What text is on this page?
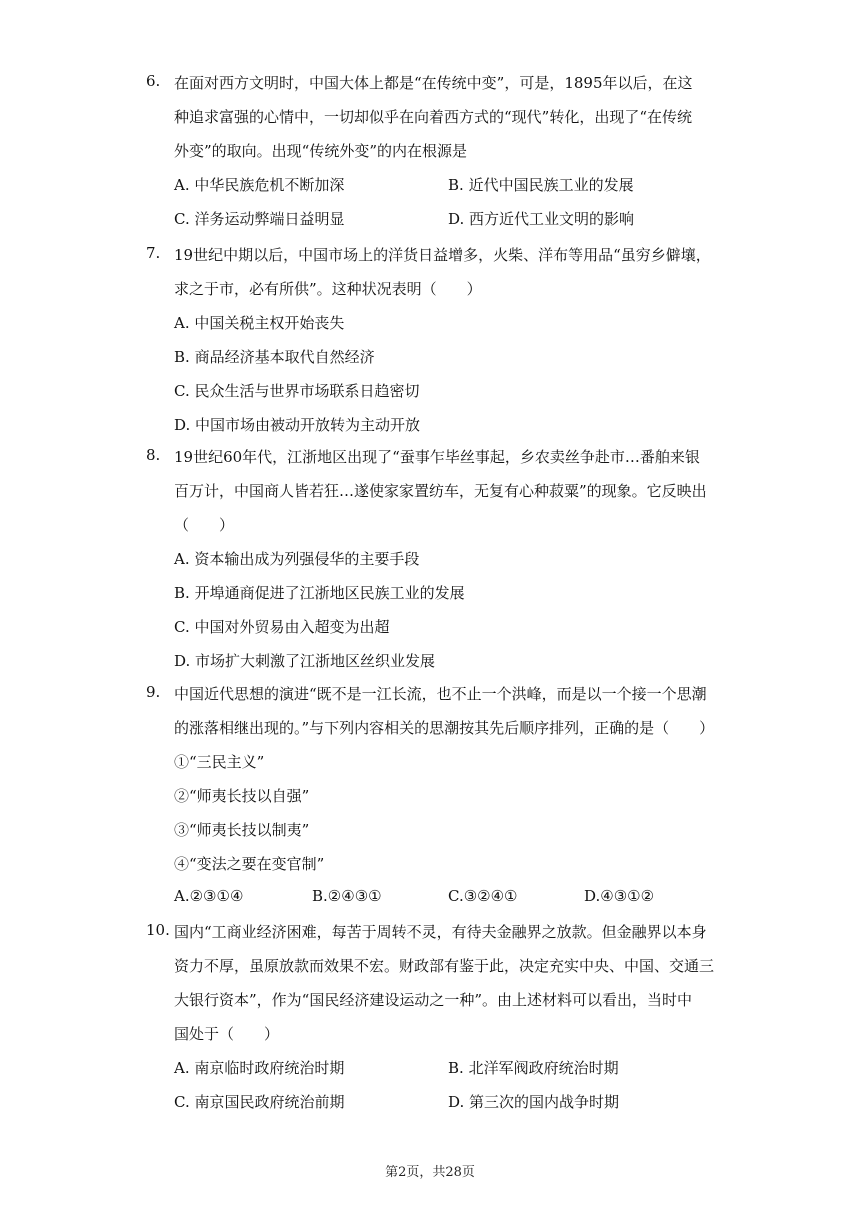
6. 在面对西方文明时，中国大体上都是“在传统中变”，可是，1895年以后，在这
种追求富强的心情中，一切却似乎在向着西方式的“现代”转化，出现了“在传统
外变”的取向。出现“传统外变”的内在根源是
A. 中华民族危机不断加深	B. 近代中国民族工业的发展
C. 洋务运动弊端日益明显	D. 西方近代工业文明的影响
7. 19世纪中期以后，中国市场上的洋货日益增多，火柴、洋布等用品“虽穷乡僻壤，
求之于市，必有所供”。这种状况表明（　　）
A. 中国关税主权开始丧失
B. 商品经济基本取代自然经济
C. 民众生活与世界市场联系日趋密切
D. 中国市场由被动开放转为主动开放
8. 19世纪60年代，江浙地区出现了“蚕事乍毕丝事起，乡农卖丝争赴市…番舶来银
百万计，中国商人皆若狂…遂使家家置纺车，无复有心种菽粟”的现象。它反映出
（　　）
A. 资本输出成为列强侵华的主要手段
B. 开埠通商促进了江浙地区民族工业的发展
C. 中国对外贸易由入超变为出超
D. 市场扩大刺激了江浙地区丝织业发展
9. 中国近代思想的演进“既不是一江长流，也不止一个洪峰，而是以一个接一个思潮
的涨落相继出现的。”与下列内容相关的思潮按其先后顺序排列，正确的是（　　）
①“三民主义”
②“师夷长技以自强”
③“师夷长技以制夷”
④“变法之要在变官制”
A.②③①④	B.②④③①	C.③②④①	D.④③①②
10. 国内“工商业经济困难，每苦于周转不灵，有待夫金融界之放款。但金融界以本身
资力不厚，虽原放款而效果不宏。财政部有鉴于此，决定充实中央、中国、交通三
大银行资本”，作为“国民经济建设运动之一种”。由上述材料可以看出，当时中
国处于（　　）
A. 南京临时政府统治时期	B. 北洋军阀政府统治时期
C. 南京国民政府统治前期	D. 第三次的国内战争时期
第2页，共28页
